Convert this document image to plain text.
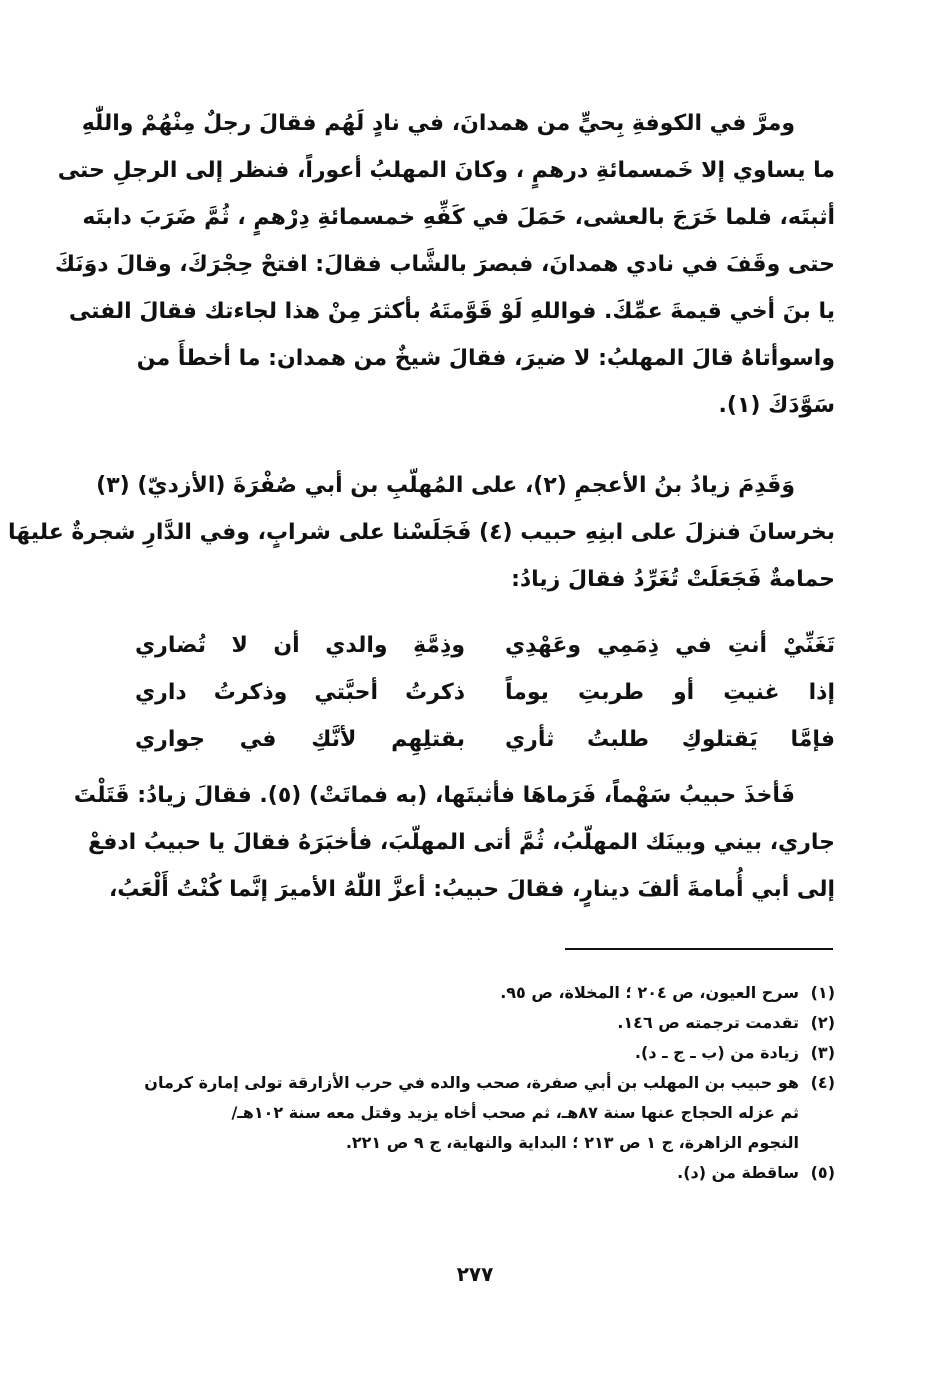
ومرَّ في الكوفةِ بِحيٍّ من همدانَ، في نادٍ لَهُم فقالَ رجلٌ مِنْهُمْ واللّٰهِ
ما يساوي إلا خَمسمائةِ درهمٍ ، وكانَ المهلبُ أعوراً، فنظر إلى الرجلِ حتى
أثبتَه، فلما خَرَجَ بالعشى، حَمَلَ في كَفِّهِ خمسمائةِ دِرْهمٍ ، ثُمَّ ضَرَبَ دابتَه
حتى وقَفَ في نادي همدانَ، فبصرَ بالشَّاب فقالَ: افتحْ حِجْرَكَ، وقالَ دوَنَكَ
يا بنَ أخي قيمةَ عمِّكَ. فواللهِ لَوْ قَوَّمتَهُ بأكثرَ مِنْ هذا لجاءتك فقالَ الفتى
واسوأتاهُ قالَ المهلبُ: لا ضيرَ، فقالَ شيخٌ من همدان: ما أخطأَ من
سَوَّدَكَ (١).
وَقَدِمَ زيادُ بنُ الأعجمِ (٢)، على المُهلّبِ بن أبي صُفْرَةَ (الأزديّ) (٣)
بخرسانَ فنزلَ على ابنِهِ حبيب (٤) فَجَلَسْنا على شرابٍ، وفي الدَّارِ شجرةٌ عليهَا
حمامةٌ فَجَعَلَتْ تُغَرِّدُ فقالَ زيادُ:
تَغَنِّيْ أنتِ في ذِمَمِي وعَهْدِي
وذِمَّةِ والدي أن لا تُضاري
إذا غنيتِ أو طربتِ يوماً
ذكرتُ أحبَّتي وذكرتُ داري
فإمَّا يَقتلوكِ طلبتُ ثأري
بقتلِهِم لأنَّكِ في جواري
فَأخذَ حبيبُ سَهْماً، فَرَماهَا فأثبتَها، (به فماتَتْ) (٥). فقالَ زيادُ: قَتَلْتَ
جاري، بيني وبينَك المهلّبُ، ثُمَّ أتى المهلّبَ، فأخبَرَهُ فقالَ يا حبيبُ ادفعْ
إلى أبي أُمامةَ ألفَ دينارٍ، فقالَ حبيبُ: أعزَّ اللّٰهُ الأميرَ إنَّما كُنْتُ أَلْعَبُ،
(١)
سرح العيون، ص ٢٠٤ ؛ المخلاة، ص ٩٥.
(٢)
تقدمت ترجمته ص ١٤٦.
(٣)
زيادة من (ب ـ ج ـ د).
(٤)
هو حبيب بن المهلب بن أبي صفرة، صحب والده في حرب الأزارقة تولى إمارة كرمان
ثم عزله الحجاج عنها سنة ٨٧هـ، ثم صحب أخاه يزيد وقتل معه سنة ١٠٢هـ/
النجوم الزاهرة، ج ١ ص ٢١٣ ؛ البداية والنهاية، ج ٩ ص ٢٢١.
(٥)
ساقطة من (د).
٢٧٧
